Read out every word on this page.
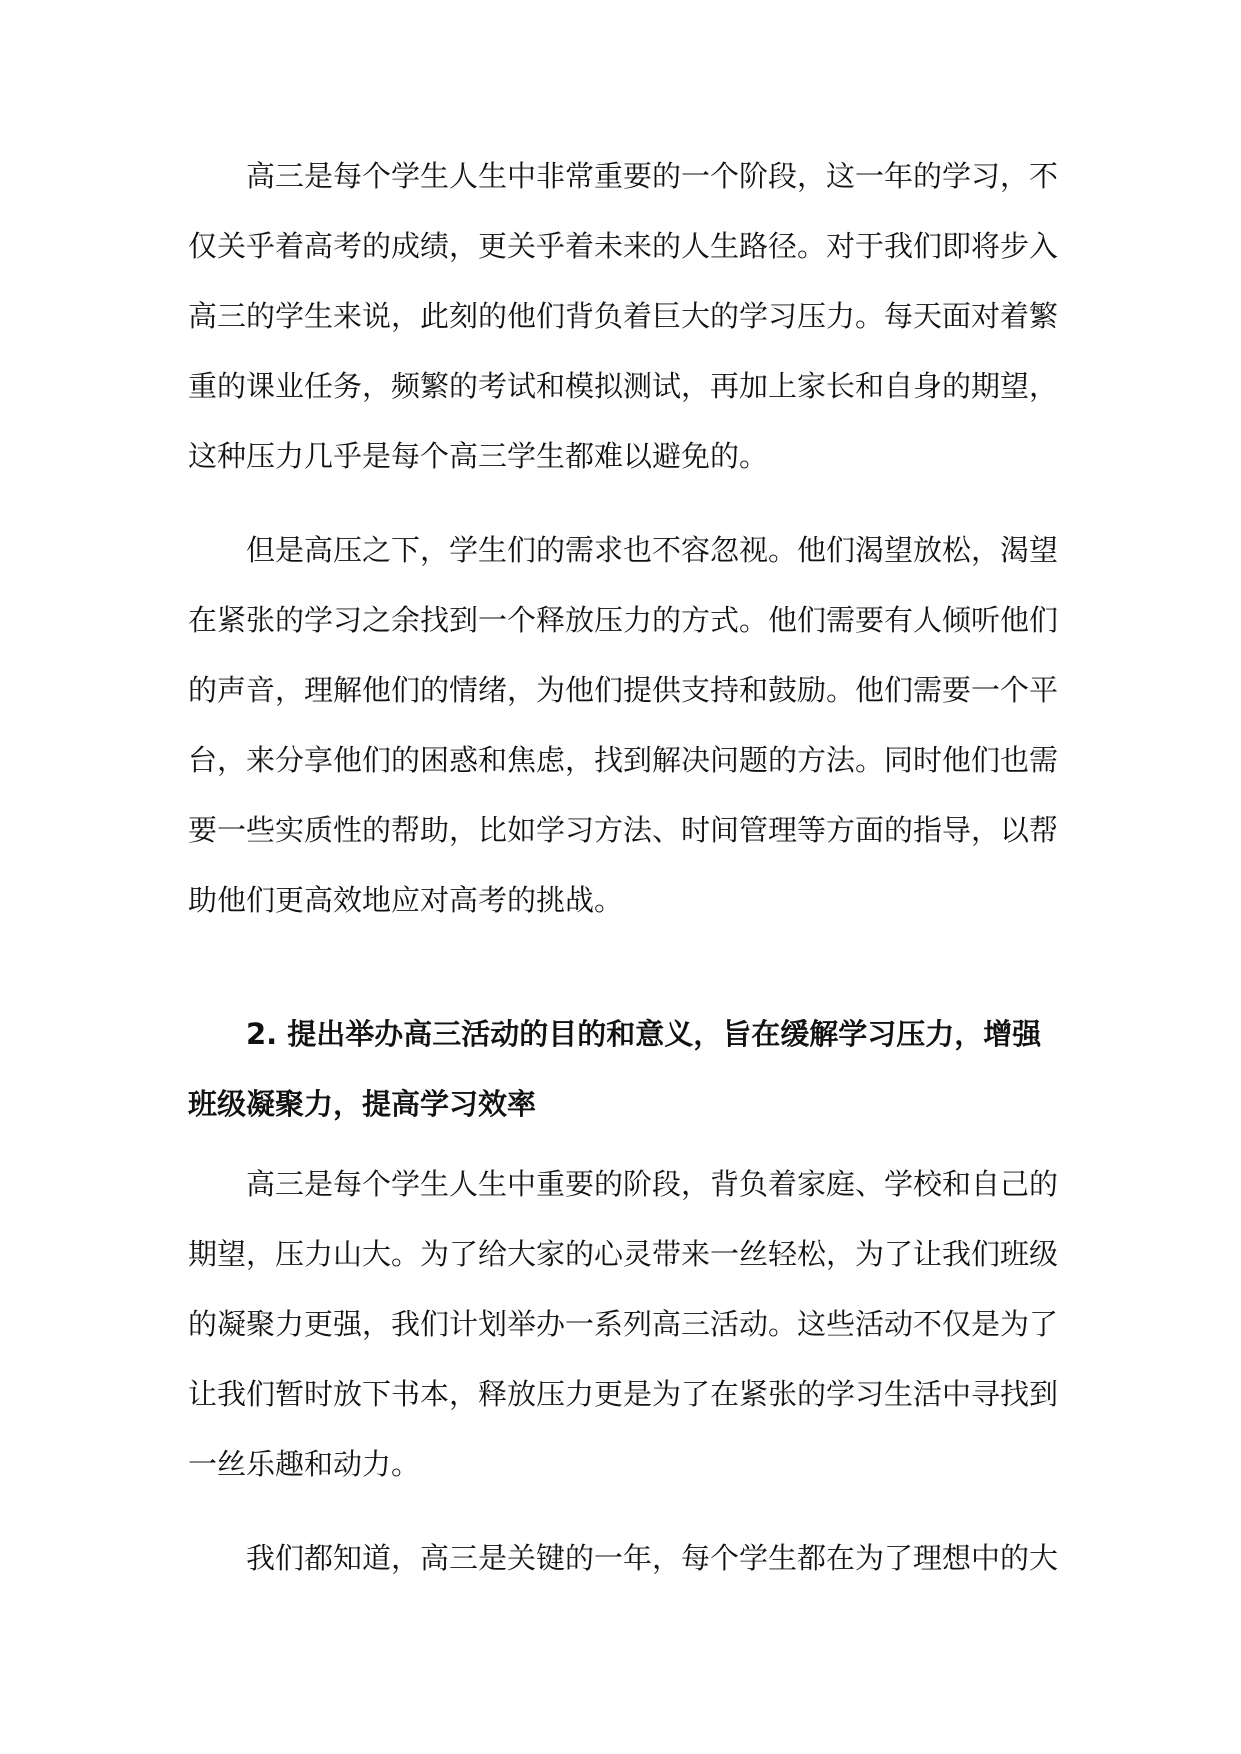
高三是每个学生人生中非常重要的一个阶段，这一年的学习，不
仅关乎着高考的成绩，更关乎着未来的人生路径。对于我们即将步入
高三的学生来说，此刻的他们背负着巨大的学习压力。每天面对着繁
重的课业任务，频繁的考试和模拟测试，再加上家长和自身的期望，
这种压力几乎是每个高三学生都难以避免的。
但是高压之下，学生们的需求也不容忽视。他们渴望放松，渴望
在紧张的学习之余找到一个释放压力的方式。他们需要有人倾听他们
的声音，理解他们的情绪，为他们提供支持和鼓励。他们需要一个平
台，来分享他们的困惑和焦虑，找到解决问题的方法。同时他们也需
要一些实质性的帮助，比如学习方法、时间管理等方面的指导，以帮
助他们更高效地应对高考的挑战。
2. 提出举办高三活动的目的和意义，旨在缓解学习压力，增强
班级凝聚力，提高学习效率
高三是每个学生人生中重要的阶段，背负着家庭、学校和自己的
期望，压力山大。为了给大家的心灵带来一丝轻松，为了让我们班级
的凝聚力更强，我们计划举办一系列高三活动。这些活动不仅是为了
让我们暂时放下书本，释放压力更是为了在紧张的学习生活中寻找到
一丝乐趣和动力。
我们都知道，高三是关键的一年，每个学生都在为了理想中的大
